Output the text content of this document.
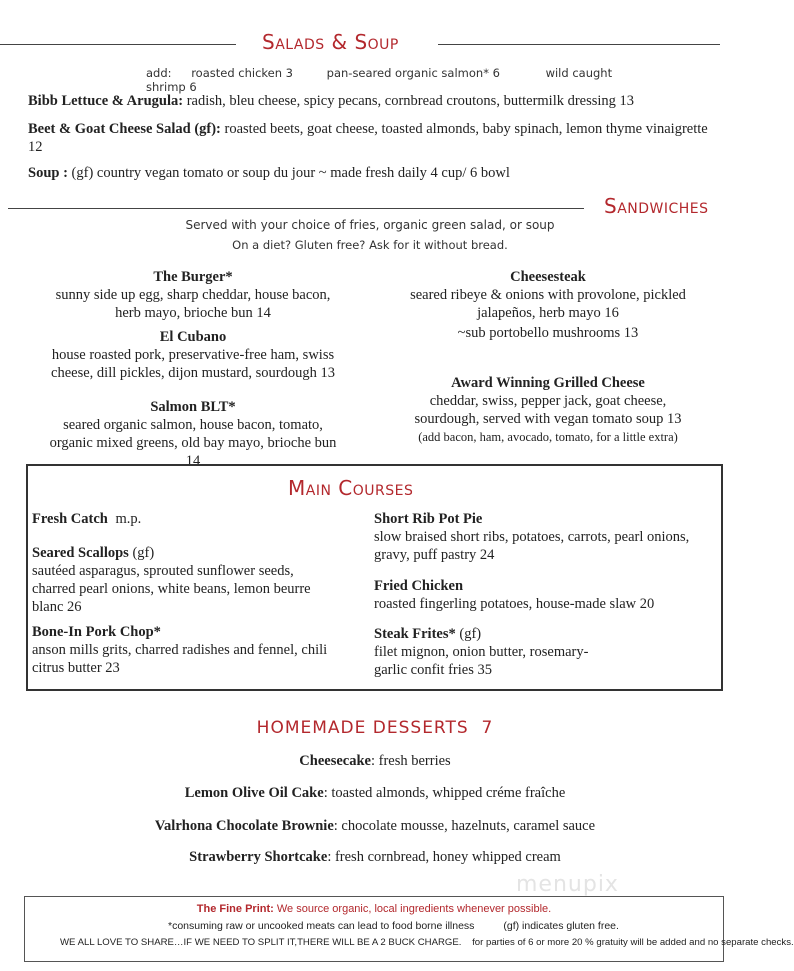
Salads & Soup
add: roasted chicken 3	pan-seared organic salmon* 6	wild caught shrimp 6
Bibb Lettuce & Arugula: radish, bleu cheese, spicy pecans, cornbread croutons, buttermilk dressing 13
Beet & Goat Cheese Salad (gf): roasted beets, goat cheese, toasted almonds, baby spinach, lemon thyme vinaigrette 12
Soup : (gf) country vegan tomato or soup du jour ~ made fresh daily 4 cup/ 6 bowl
Sandwiches
Served with your choice of fries, organic green salad, or soup
On a diet? Gluten free? Ask for it without bread.
The Burger*
sunny side up egg, sharp cheddar, house bacon, herb mayo, brioche bun 14
El Cubano
house roasted pork, preservative-free ham, swiss cheese, dill pickles, dijon mustard, sourdough 13
Salmon BLT*
seared organic salmon, house bacon, tomato, organic mixed greens, old bay mayo, brioche bun 14
Cheesesteak
seared ribeye & onions with provolone, pickled jalapeños, herb mayo 16
~sub portobello mushrooms 13
Award Winning Grilled Cheese
cheddar, swiss, pepper jack, goat cheese, sourdough, served with vegan tomato soup 13
(add bacon, ham, avocado, tomato, for a little extra)
Main Courses
Fresh Catch m.p.
Seared Scallops (gf)
sautéed asparagus, sprouted sunflower seeds, charred pearl onions, white beans, lemon beurre blanc 26
Bone-In Pork Chop*
anson mills grits, charred radishes and fennel, chili citrus butter 23
Short Rib Pot Pie
slow braised short ribs, potatoes, carrots, pearl onions, gravy, puff pastry 24
Fried Chicken
roasted fingerling potatoes, house-made slaw 20
Steak Frites* (gf)
filet mignon, onion butter, rosemary-garlic confit fries 35
HOMEMADE DESSERTS  7
Cheesecake: fresh berries
Lemon Olive Oil Cake: toasted almonds, whipped créme fraîche
Valrhona Chocolate Brownie: chocolate mousse, hazelnuts, caramel sauce
Strawberry Shortcake: fresh cornbread, honey whipped cream
menupix
The Fine Print: We source organic, local ingredients whenever possible.
*consuming raw or uncooked meats can lead to food borne illness	(gf) indicates gluten free.
WE ALL LOVE TO SHARE…IF WE NEED TO SPLIT IT,THERE WILL BE A 2 BUCK CHARGE. for parties of 6 or more 20 % gratuity will be added and no separate checks.
